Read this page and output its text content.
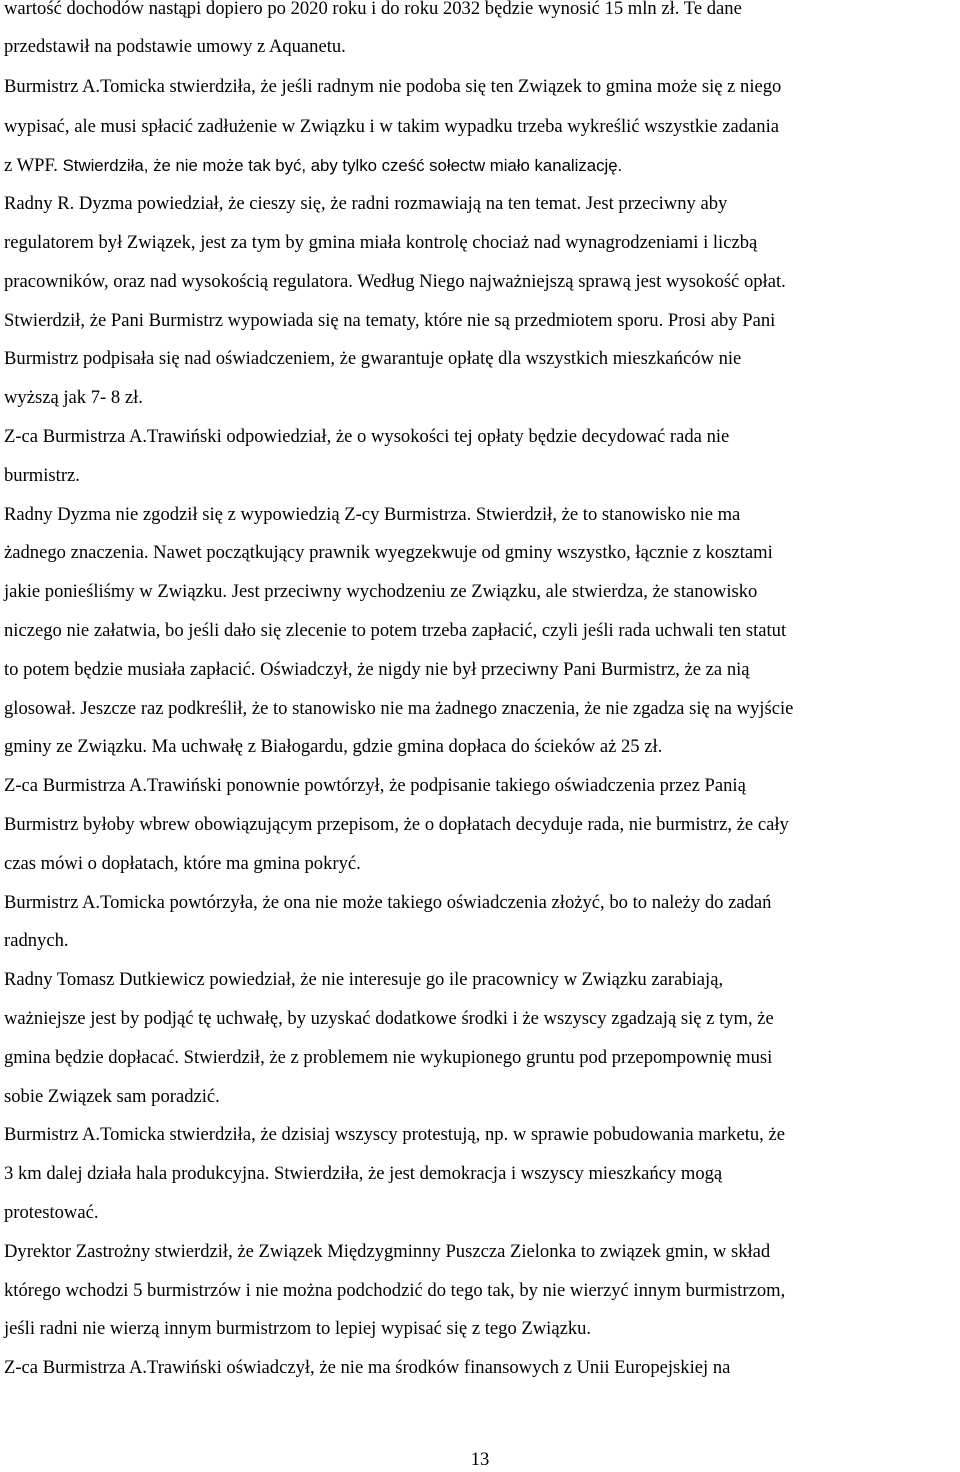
wartość dochodów nastąpi dopiero po 2020 roku i do roku 2032 będzie wynosić 15 mln zł. Te dane
przedstawił na podstawie umowy z Aquanetu.
Burmistrz A.Tomicka stwierdziła, że jeśli radnym nie podoba się ten Związek to gmina może się z niego
wypisać, ale musi spłacić zadłużenie w Związku i w takim wypadku trzeba wykreślić wszystkie zadania
z WPF. Stwierdziła, że nie może tak być, aby tylko cześć sołectw miało kanalizację.
Radny R. Dyzma powiedział, że cieszy się, że radni rozmawiają na ten temat. Jest przeciwny aby
regulatorem był Związek, jest za tym by gmina miała kontrolę chociaż nad wynagrodzeniami i liczbą
pracowników, oraz nad wysokością regulatora. Według Niego najważniejszą sprawą jest wysokość opłat.
Stwierdził, że Pani Burmistrz wypowiada się na tematy, które nie są przedmiotem sporu. Prosi aby Pani
Burmistrz podpisała się nad oświadczeniem, że gwarantuje opłatę dla wszystkich mieszkańców nie
wyższą jak 7- 8 zł.
Z-ca Burmistrza A.Trawiński odpowiedział, że o wysokości tej opłaty będzie decydować rada nie
burmistrz.
Radny Dyzma nie zgodził się z wypowiedzią Z-cy Burmistrza. Stwierdził, że to stanowisko nie ma
żadnego znaczenia. Nawet początkujący prawnik wyegzekwuje od gminy wszystko, łącznie z kosztami
jakie ponieśliśmy w Związku. Jest przeciwny wychodzeniu ze Związku, ale stwierdza, że stanowisko
niczego nie załatwia, bo jeśli dało się zlecenie to potem trzeba zapłacić, czyli jeśli rada uchwali ten statut
to potem będzie musiała zapłacić. Oświadczył, że nigdy nie był przeciwny Pani Burmistrz, że za nią
glosował. Jeszcze raz podkreślił, że to stanowisko nie ma żadnego znaczenia, że nie zgadza się na wyjście
gminy ze Związku. Ma uchwałę z Białogardu, gdzie gmina dopłaca do ścieków aż 25 zł.
Z-ca Burmistrza A.Trawiński ponownie powtórzył, że podpisanie takiego oświadczenia przez Panią
Burmistrz byłoby wbrew obowiązującym przepisom, że o dopłatach decyduje rada, nie burmistrz, że cały
czas mówi o dopłatach, które ma gmina pokryć.
Burmistrz A.Tomicka powtórzyła, że ona nie może takiego oświadczenia złożyć, bo to należy do zadań
radnych.
Radny Tomasz Dutkiewicz powiedział, że nie interesuje go ile pracownicy w Związku zarabiają,
ważniejsze jest by podjąć tę uchwałę, by uzyskać dodatkowe środki i że wszyscy zgadzają się z tym, że
gmina będzie dopłacać. Stwierdził, że z problemem nie wykupionego gruntu pod przepompownię musi
sobie Związek sam poradzić.
Burmistrz A.Tomicka stwierdziła, że dzisiaj wszyscy protestują, np. w sprawie pobudowania marketu, że
3 km dalej działa hala produkcyjna. Stwierdziła, że jest demokracja i wszyscy mieszkańcy mogą
protestować.
Dyrektor Zastrożny stwierdził, że Związek Międzygminny Puszcza Zielonka to związek gmin, w skład
którego wchodzi 5 burmistrzów i nie można podchodzić do tego tak, by nie wierzyć innym burmistrzom,
jeśli radni nie wierzą innym burmistrzom to lepiej wypisać się z tego Związku.
Z-ca Burmistrza A.Trawiński oświadczył, że nie ma środków finansowych z Unii Europejskiej na
13
